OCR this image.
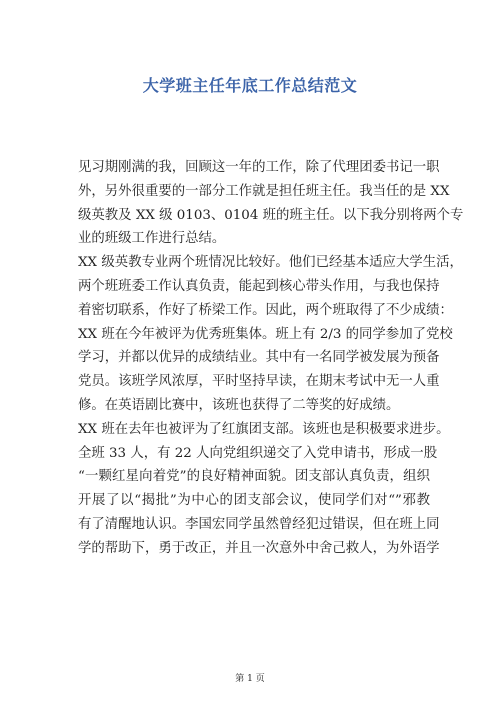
大学班主任年底工作总结范文
见习期刚满的我，回顾这一年的工作，除了代理团委书记一职
外，另外很重要的一部分工作就是担任班主任。我当任的是 XX
级英教及 XX 级 0103、0104 班的班主任。以下我分别将两个专
业的班级工作进行总结。
XX 级英教专业两个班情况比较好。他们已经基本适应大学生活，
两个班班委工作认真负责，能起到核心带头作用，与我也保持
着密切联系，作好了桥梁工作。因此，两个班取得了不少成绩：
XX 班在今年被评为优秀班集体。班上有 2/3 的同学参加了党校
学习，并都以优异的成绩结业。其中有一名同学被发展为预备
党员。该班学风浓厚，平时坚持早读，在期末考试中无一人重
修。在英语剧比赛中，该班也获得了二等奖的好成绩。
XX 班在去年也被评为了红旗团支部。该班也是积极要求进步。
全班 33 人，有 22 人向党组织递交了入党申请书，形成一股
“一颗红星向着党”的良好精神面貌。团支部认真负责，组织
开展了以“揭批”为中心的团支部会议，使同学们对“”邪教
有了清醒地认识。李国宏同学虽然曾经犯过错误，但在班上同
学的帮助下，勇于改正，并且一次意外中舍己救人，为外语学
第 1 页
